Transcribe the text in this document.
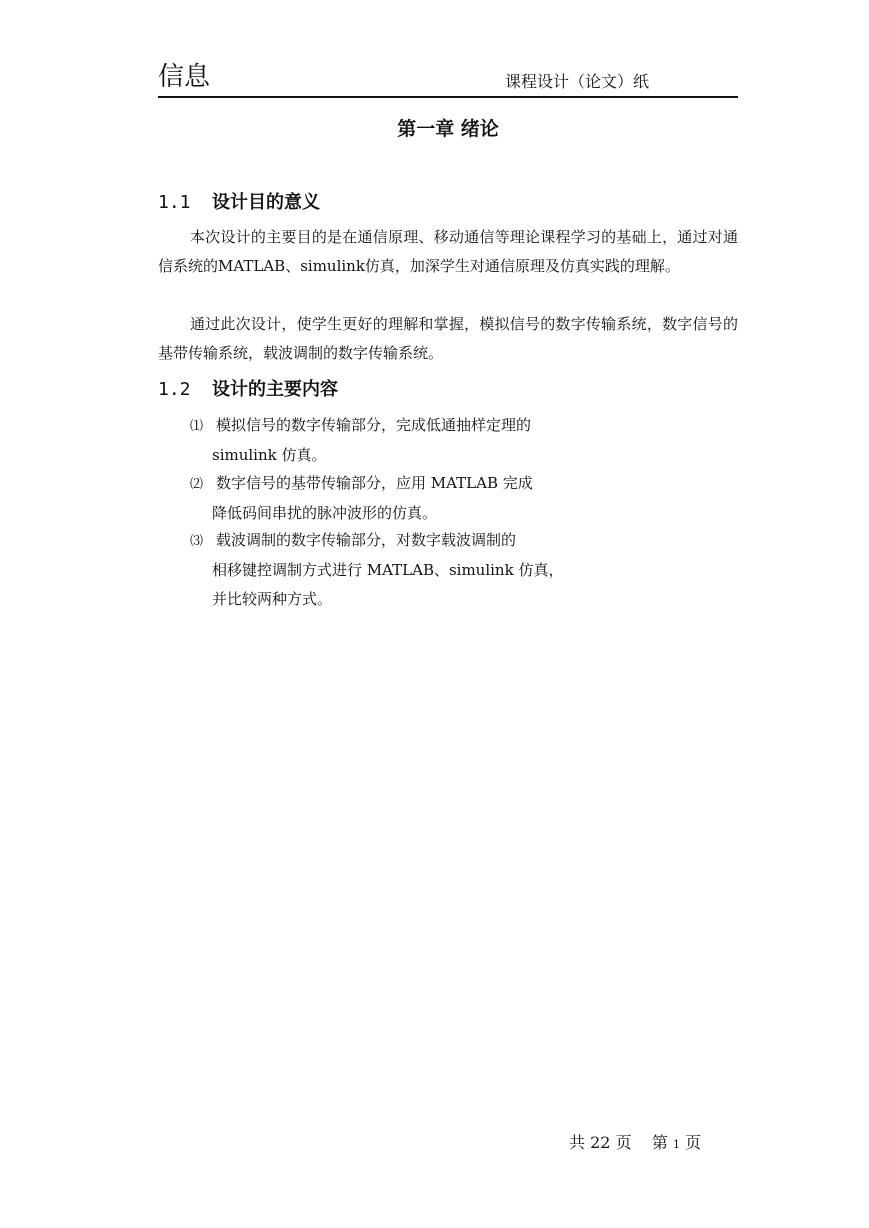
信息	课程设计（论文）纸
第一章 绪论
1.1 设计目的意义

本次设计的主要目的是在通信原理、移动通信等理论课程学习的基础上，通过对通信系统的MATLAB、simulink仿真，加深学生对通信原理及仿真实践的理解。

通过此次设计，使学生更好的理解和掌握，模拟信号的数字传输系统，数字信号的基带传输系统，载波调制的数字传输系统。

1.2 设计的主要内容
⑴ 模拟信号的数字传输部分，完成低通抽样定理的
simulink 仿真。
⑵ 数字信号的基带传输部分，应用 MATLAB 完成
降低码间串扰的脉冲波形的仿真。
⑶ 载波调制的数字传输部分，对数字载波调制的
相移键控调制方式进行 MATLAB、simulink 仿真，
并比较两种方式。
共 22 页 第 1 页
